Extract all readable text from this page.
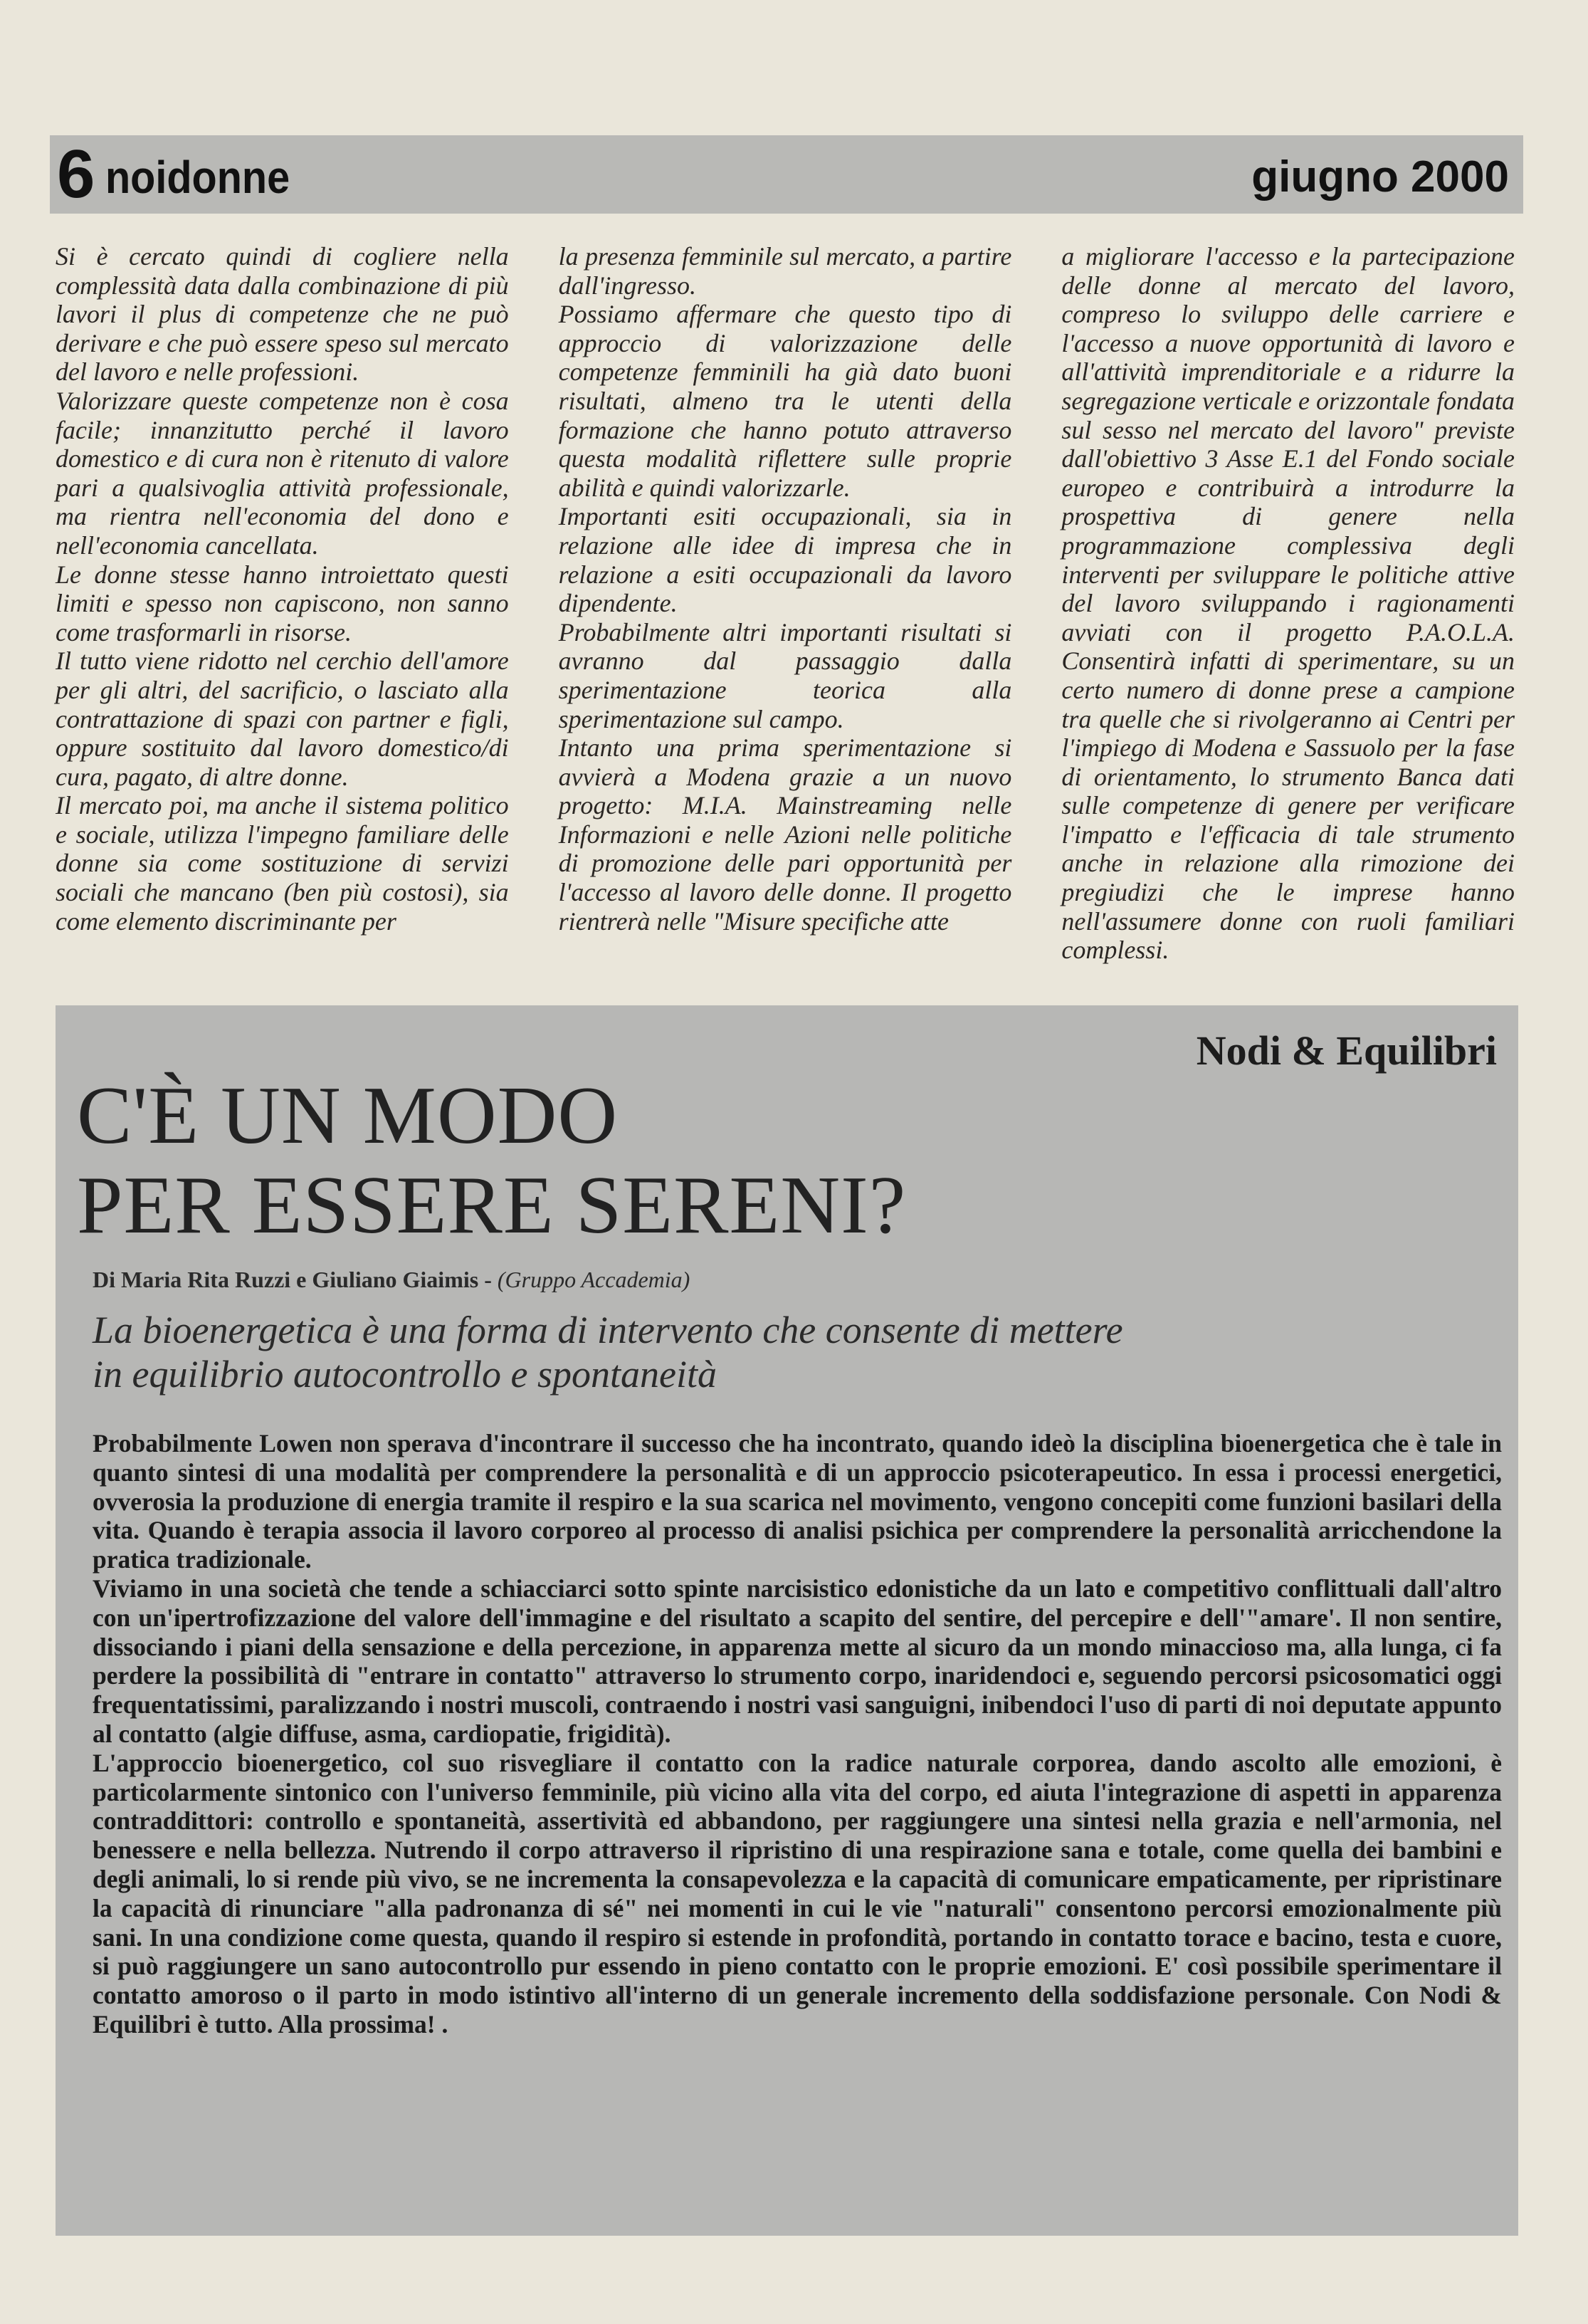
6 noidonne	giugno 2000

Si è cercato quindi di cogliere nella complessità data dalla combinazione di più lavori il plus di competenze che ne può derivare e che può essere speso sul mercato del lavoro e nelle professioni.

Valorizzare queste competenze non è cosa facile; innanzitutto perché il lavoro domestico e di cura non è ritenuto di valore pari a qualsivoglia attività professionale, ma rientra nell'economia del dono e nell'economia cancellata.

Le donne stesse hanno introiettato questi limiti e spesso non capiscono, non sanno come trasformarli in risorse.

Il tutto viene ridotto nel cerchio dell'amore per gli altri, del sacrificio, o lasciato alla contrattazione di spazi con partner e figli, oppure sostituito dal lavoro domestico/di cura, pagato, di altre donne.

Il mercato poi, ma anche il sistema politico e sociale, utilizza l'impegno familiare delle donne sia come sostituzione di servizi sociali che mancano (ben più costosi), sia come elemento discriminante per

la presenza femminile sul mercato, a partire dall'ingresso.

Possiamo affermare che questo tipo di approccio di valorizzazione delle competenze femminili ha già dato buoni risultati, almeno tra le utenti della formazione che hanno potuto attraverso questa modalità riflettere sulle proprie abilità e quindi valorizzarle.

Importanti esiti occupazionali, sia in relazione alle idee di impresa che in relazione a esiti occupazionali da lavoro dipendente.

Probabilmente altri importanti risultati si avranno dal passaggio dalla sperimentazione teorica alla sperimentazione sul campo.

Intanto una prima sperimentazione si avvierà a Modena grazie a un nuovo progetto: M.I.A. Mainstreaming nelle Informazioni e nelle Azioni nelle politiche di promozione delle pari opportunità per l'accesso al lavoro delle donne. Il progetto rientrerà nelle "Misure specifiche atte

a migliorare l'accesso e la partecipazione delle donne al mercato del lavoro, compreso lo sviluppo delle carriere e l'accesso a nuove opportunità di lavoro e all'attività imprenditoriale e a ridurre la segregazione verticale e orizzontale fondata sul sesso nel mercato del lavoro" previste dall'obiettivo 3 Asse E.1 del Fondo sociale europeo e contribuirà a introdurre la prospettiva di genere nella programmazione complessiva degli interventi per sviluppare le politiche attive del lavoro sviluppando i ragionamenti avviati con il progetto P.A.O.L.A. Consentirà infatti di sperimentare, su un certo numero di donne prese a campione tra quelle che si rivolgeranno ai Centri per l'impiego di Modena e Sassuolo per la fase di orientamento, lo strumento Banca dati sulle competenze di genere per verificare l'impatto e l'efficacia di tale strumento anche in relazione alla rimozione dei pregiudizi che le imprese hanno nell'assumere donne con ruoli familiari complessi.

Nodi & Equilibri
C'È UN MODO
PER ESSERE SERENI?
Di Maria Rita Ruzzi e Giuliano Giaimis - (Gruppo Accademia)
La bioenergetica è una forma di intervento che consente di mettere in equilibrio autocontrollo e spontaneità

Probabilmente Lowen non sperava d'incontrare il successo che ha incontrato, quando ideò la disciplina bioenergetica che è tale in quanto sintesi di una modalità per comprendere la personalità e di un approccio psicoterapeutico. In essa i processi energetici, ovverosia la produzione di energia tramite il respiro e la sua scarica nel movimento, vengono concepiti come funzioni basilari della vita. Quando è terapia associa il lavoro corporeo al processo di analisi psichica per comprendere la personalità arricchendone la pratica tradizionale.

Viviamo in una società che tende a schiacciarci sotto spinte narcisistico edonistiche da un lato e competitivo conflittuali dall'altro con un'ipertrofizzazione del valore dell'immagine e del risultato a scapito del sentire, del percepire e dell'"amare'. Il non sentire, dissociando i piani della sensazione e della percezione, in apparenza mette al sicuro da un mondo minaccioso ma, alla lunga, ci fa perdere la possibilità di "entrare in contatto" attraverso lo strumento corpo, inaridendoci e, seguendo percorsi psicosomatici oggi frequentatissimi, paralizzando i nostri muscoli, contraendo i nostri vasi sanguigni, inibendoci l'uso di parti di noi deputate appunto al contatto (algie diffuse, asma, cardiopatie, frigidità).

L'approccio bioenergetico, col suo risvegliare il contatto con la radice naturale corporea, dando ascolto alle emozioni, è particolarmente sintonico con l'universo femminile, più vicino alla vita del corpo, ed aiuta l'integrazione di aspetti in apparenza contraddittori: controllo e spontaneità, assertività ed abbandono, per raggiungere una sintesi nella grazia e nell'armonia, nel benessere e nella bellezza. Nutrendo il corpo attraverso il ripristino di una respirazione sana e totale, come quella dei bambini e degli animali, lo si rende più vivo, se ne incrementa la consapevolezza e la capacità di comunicare empaticamente, per ripristinare la capacità di rinunciare "alla padronanza di sé" nei momenti in cui le vie "naturali" consentono percorsi emozionalmente più sani. In una condizione come questa, quando il respiro si estende in profondità, portando in contatto torace e bacino, testa e cuore, si può raggiungere un sano autocontrollo pur essendo in pieno contatto con le proprie emozioni. E' così possibile sperimentare il contatto amoroso o il parto in modo istintivo all'interno di un generale incremento della soddisfazione personale. Con Nodi & Equilibri è tutto. Alla prossima! .
